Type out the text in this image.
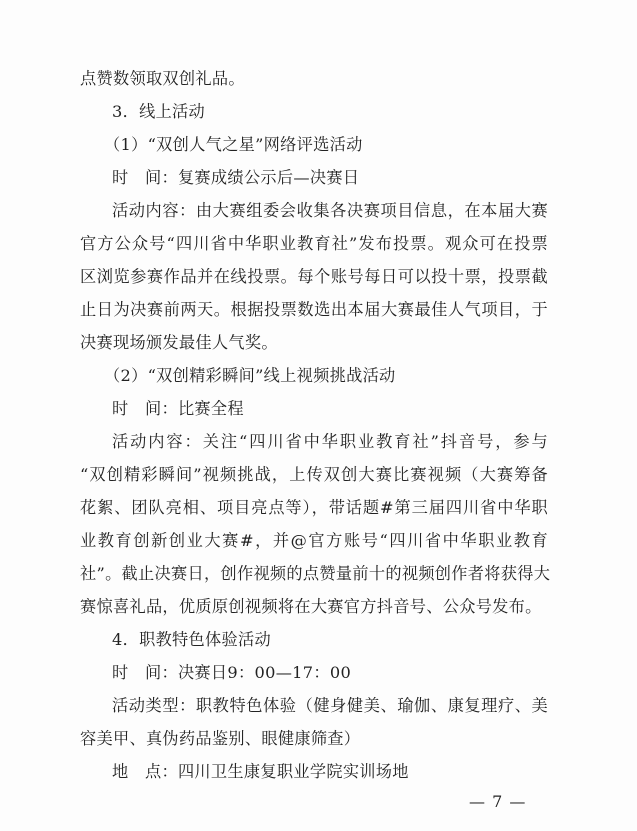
点赞数领取双创礼品。
3．线上活动
（1）“双创人气之星”网络评选活动
时　间：复赛成绩公示后—决赛日
活动内容：由大赛组委会收集各决赛项目信息，在本届大赛
官方公众号“四川省中华职业教育社”发布投票。观众可在投票
区浏览参赛作品并在线投票。每个账号每日可以投十票，投票截
止日为决赛前两天。根据投票数选出本届大赛最佳人气项目，于
决赛现场颁发最佳人气奖。
（2）“双创精彩瞬间”线上视频挑战活动
时　间：比赛全程
活动内容：关注“四川省中华职业教育社”抖音号，参与
“双创精彩瞬间”视频挑战，上传双创大赛比赛视频（大赛筹备
花絮、团队亮相、项目亮点等），带话题#第三届四川省中华职
业教育创新创业大赛#，并@官方账号“四川省中华职业教育
社”。截止决赛日，创作视频的点赞量前十的视频创作者将获得大
赛惊喜礼品，优质原创视频将在大赛官方抖音号、公众号发布。
4．职教特色体验活动
时　间：决赛日9：00—17：00
活动类型：职教特色体验（健身健美、瑜伽、康复理疗、美
容美甲、真伪药品鉴别、眼健康筛查）
地　点：四川卫生康复职业学院实训场地
— 7 —
